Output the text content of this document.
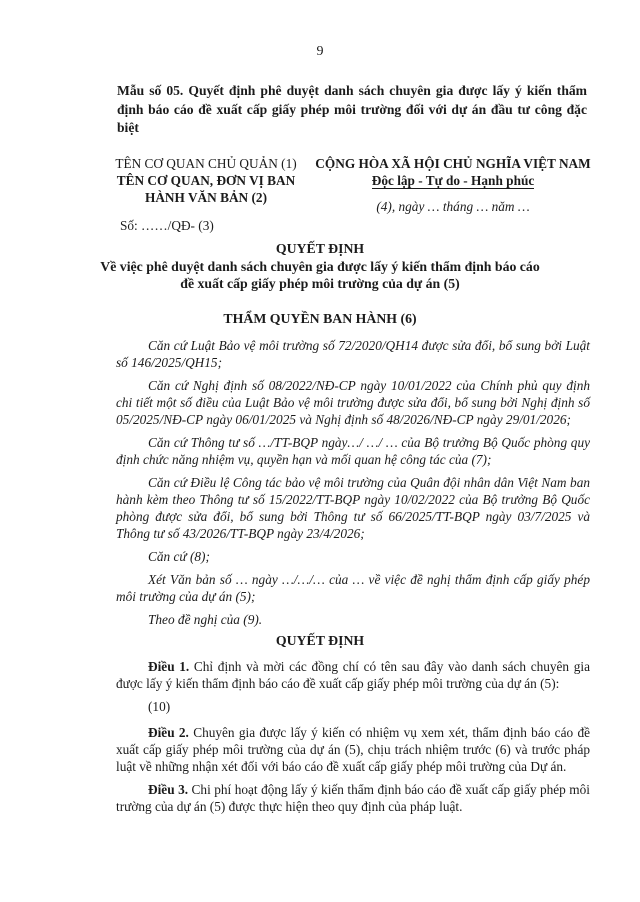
9
Mẫu số 05. Quyết định phê duyệt danh sách chuyên gia được lấy ý kiến thẩm định báo cáo đề xuất cấp giấy phép môi trường đối với dự án đầu tư công đặc biệt
TÊN CƠ QUAN CHỦ QUẢN (1)
TÊN CƠ QUAN, ĐƠN VỊ BAN HÀNH VĂN BẢN (2)
Số: ……/QĐ- (3)
CỘNG HÒA XÃ HỘI CHỦ NGHĨA VIỆT NAM
Độc lập - Tự do - Hạnh phúc
(4), ngày … tháng … năm …
QUYẾT ĐỊNH
Về việc phê duyệt danh sách chuyên gia được lấy ý kiến thẩm định báo cáo đề xuất cấp giấy phép môi trường của dự án (5)
THẨM QUYỀN BAN HÀNH (6)

Căn cứ Luật Bảo vệ môi trường số 72/2020/QH14 được sửa đổi, bổ sung bởi Luật số 146/2025/QH15;

Căn cứ Nghị định số 08/2022/NĐ-CP ngày 10/01/2022 của Chính phủ quy định chi tiết một số điều của Luật Bảo vệ môi trường được sửa đổi, bổ sung bởi Nghị định số 05/2025/NĐ-CP ngày 06/01/2025 và Nghị định số 48/2026/NĐ-CP ngày 29/01/2026;

Căn cứ Thông tư số …/TT-BQP ngày…/ …/ … của Bộ trưởng Bộ Quốc phòng quy định chức năng nhiệm vụ, quyền hạn và mối quan hệ công tác của (7);

Căn cứ Điều lệ Công tác bảo vệ môi trường của Quân đội nhân dân Việt Nam ban hành kèm theo Thông tư số 15/2022/TT-BQP ngày 10/02/2022 của Bộ trưởng Bộ Quốc phòng được sửa đổi, bổ sung bởi Thông tư số 66/2025/TT-BQP ngày 03/7/2025 và Thông tư số 43/2026/TT-BQP ngày 23/4/2026;

Căn cứ (8);

Xét Văn bản số … ngày …/…/… của … về việc đề nghị thẩm định cấp giấy phép môi trường của dự án (5);

Theo đề nghị của (9).

QUYẾT ĐỊNH

Điều 1. Chỉ định và mời các đồng chí có tên sau đây vào danh sách chuyên gia được lấy ý kiến thẩm định báo cáo đề xuất cấp giấy phép môi trường của dự án (5):

(10)

Điều 2. Chuyên gia được lấy ý kiến có nhiệm vụ xem xét, thẩm định báo cáo đề xuất cấp giấy phép môi trường của dự án (5), chịu trách nhiệm trước (6) và trước pháp luật về những nhận xét đối với báo cáo đề xuất cấp giấy phép môi trường của Dự án.

Điều 3. Chi phí hoạt động lấy ý kiến thẩm định báo cáo đề xuất cấp giấy phép môi trường của dự án (5) được thực hiện theo quy định của pháp luật.
